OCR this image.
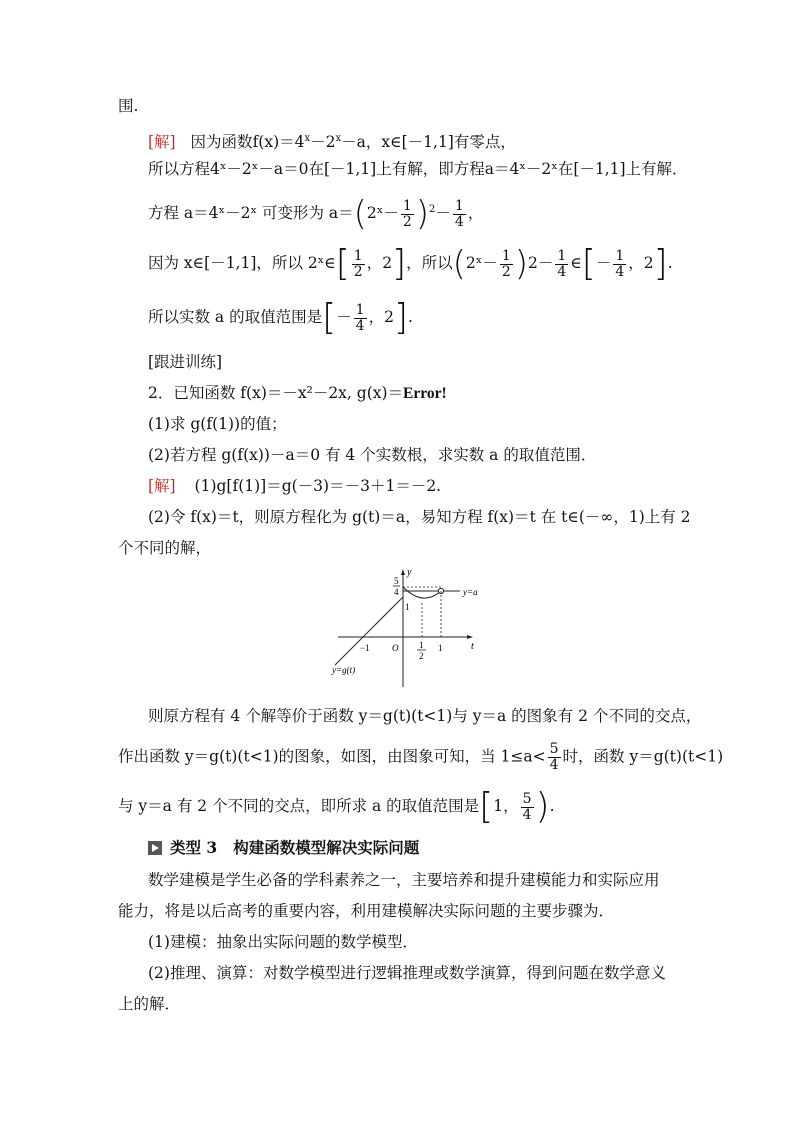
围.
[解] 因为函数$f(x)=4^x-2^x-a$，x∈[－1,1]有零点，
所以方程4ˣ－2ˣ－a＝0在[－1,1]上有解，即方程a＝4ˣ－2ˣ在[－1,1]上有解．
方程 a＝4ˣ－2ˣ 可变形为 a＝(2ˣ－ $\frac{1}{2} )^2- \frac{1}{4}$ ，
因为 x∈[－1,1]，所以 2ˣ∈[ $\frac{1}{2}$ ，2]，所以(2ˣ－ $\frac{1}{2} )2- \frac{1}{4}$ ∈[－ $\frac{1}{4}$ ，2].
所以实数 a 的取值范围是[－ $\frac{1}{4}$ ，2].
[跟进训练]
2．已知函数 f(x)＝－x²－2x, g(x)＝Error!
(1)求 g(f(1))的值；
(2)若方程 g(f(x))－a＝0 有 4 个实数根，求实数 a 的取值范围．
[解] (1)g[f(1)]＝g(－3)＝－3＋1＝－2.
(2)令 f(x)＝t，则原方程化为 g(t)＝a，易知方程 f(x)＝t 在 t∈(－∞，1)上有 2
个不同的解，
y
t
5
4
1
−1 O 1
2
1
y=a
y=g(t)
则原方程有 4 个解等价于函数 y＝g(t)(t<1)与 y＝a 的图象有 2 个不同的交点，
作出函数 y＝g(t)(t<1)的图象，如图，由图象可知，当 $1\le a< \frac{5}{4}$ 时，函数 y＝g(t)(t<1)
与 y＝a 有 2 个不同的交点，即所求 a 的取值范围是[1， $\frac{5}{4}$ ).
类型 3 构建函数模型解决实际问题
数学建模是学生必备的学科素养之一，主要培养和提升建模能力和实际应用
能力，将是以后高考的重要内容，利用建模解决实际问题的主要步骤为．
(1)建模：抽象出实际问题的数学模型．
(2)推理、演算：对数学模型进行逻辑推理或数学演算，得到问题在数学意义
上的解．
